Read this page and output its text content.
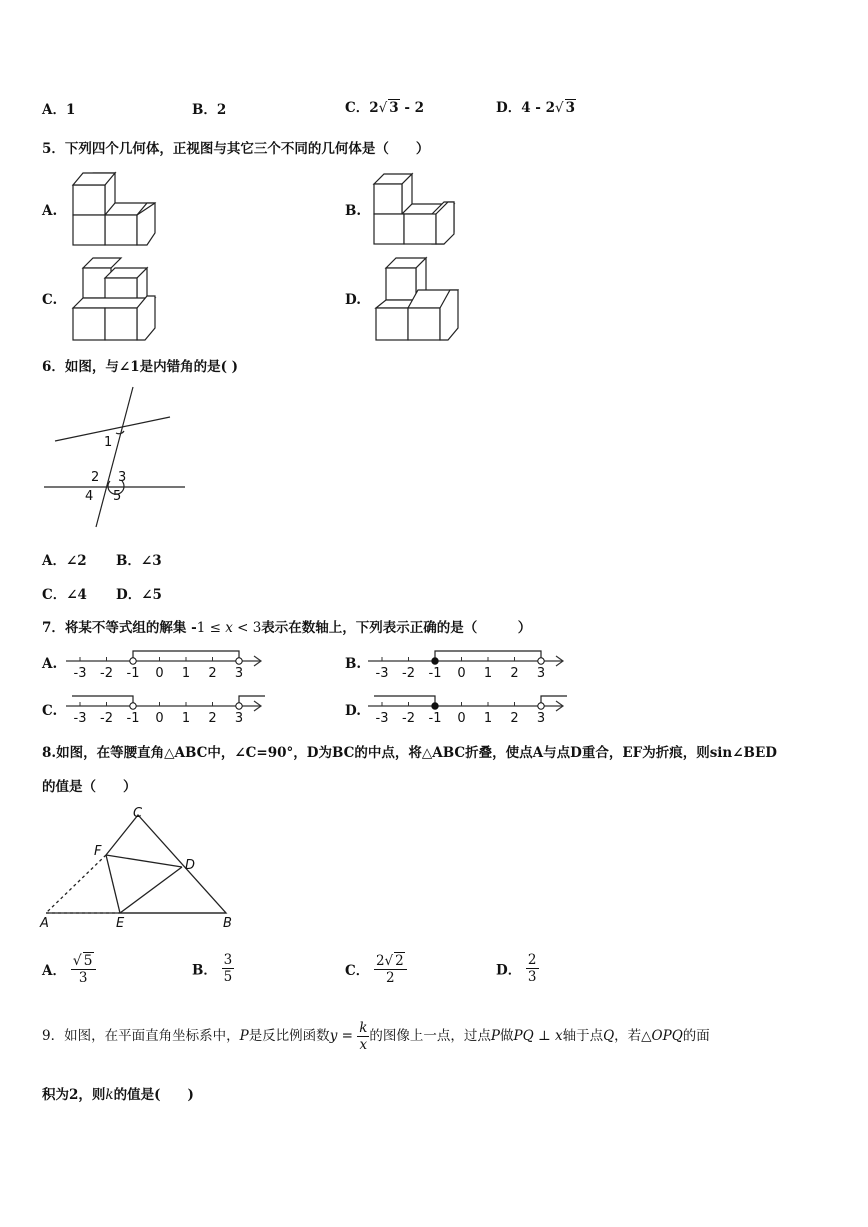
A．1	B．2	C．2√ 3 - 2	D．4 - 2√ 3
5．下列四个几何体，正视图与其它三个不同的几何体是（　　）
A.	B.
C.	D.
6．如图，与∠1是内错角的是( )
1
2 3
4 5
A．∠2 B．∠3
C．∠4 D．∠5
7．将某不等式组的解集 -1 ≤ x < 3表示在数轴上，下列表示正确的是（　　　）
A.	B.
C.	D.
-3 -2 -1 0 1 2 3	-3 -2 -1 0 1 2 3
-3 -2 -1 0 1 2 3	-3 -2 -1 0 1 2 3
8.如图，在等腰直角△ABC中，∠C=90°，D为BC的中点，将△ABC折叠，使点A与点D重合，EF为折痕，则sin∠BED
的值是（　　）
A	B
C
D
E
F
A． $\frac{√ 5}{3}$	B． $\frac{3}{5}$	C． $\frac{2√ 2}{2}$	D． $\frac{2}{3}$
9．如图，在平面直角坐标系中，P是反比例函数$y = \frac{k}{x}$ 的图像上一点，过点P做PQ ⊥ x轴于点Q，若△OPQ的面
积为2，则k的值是(　　)
